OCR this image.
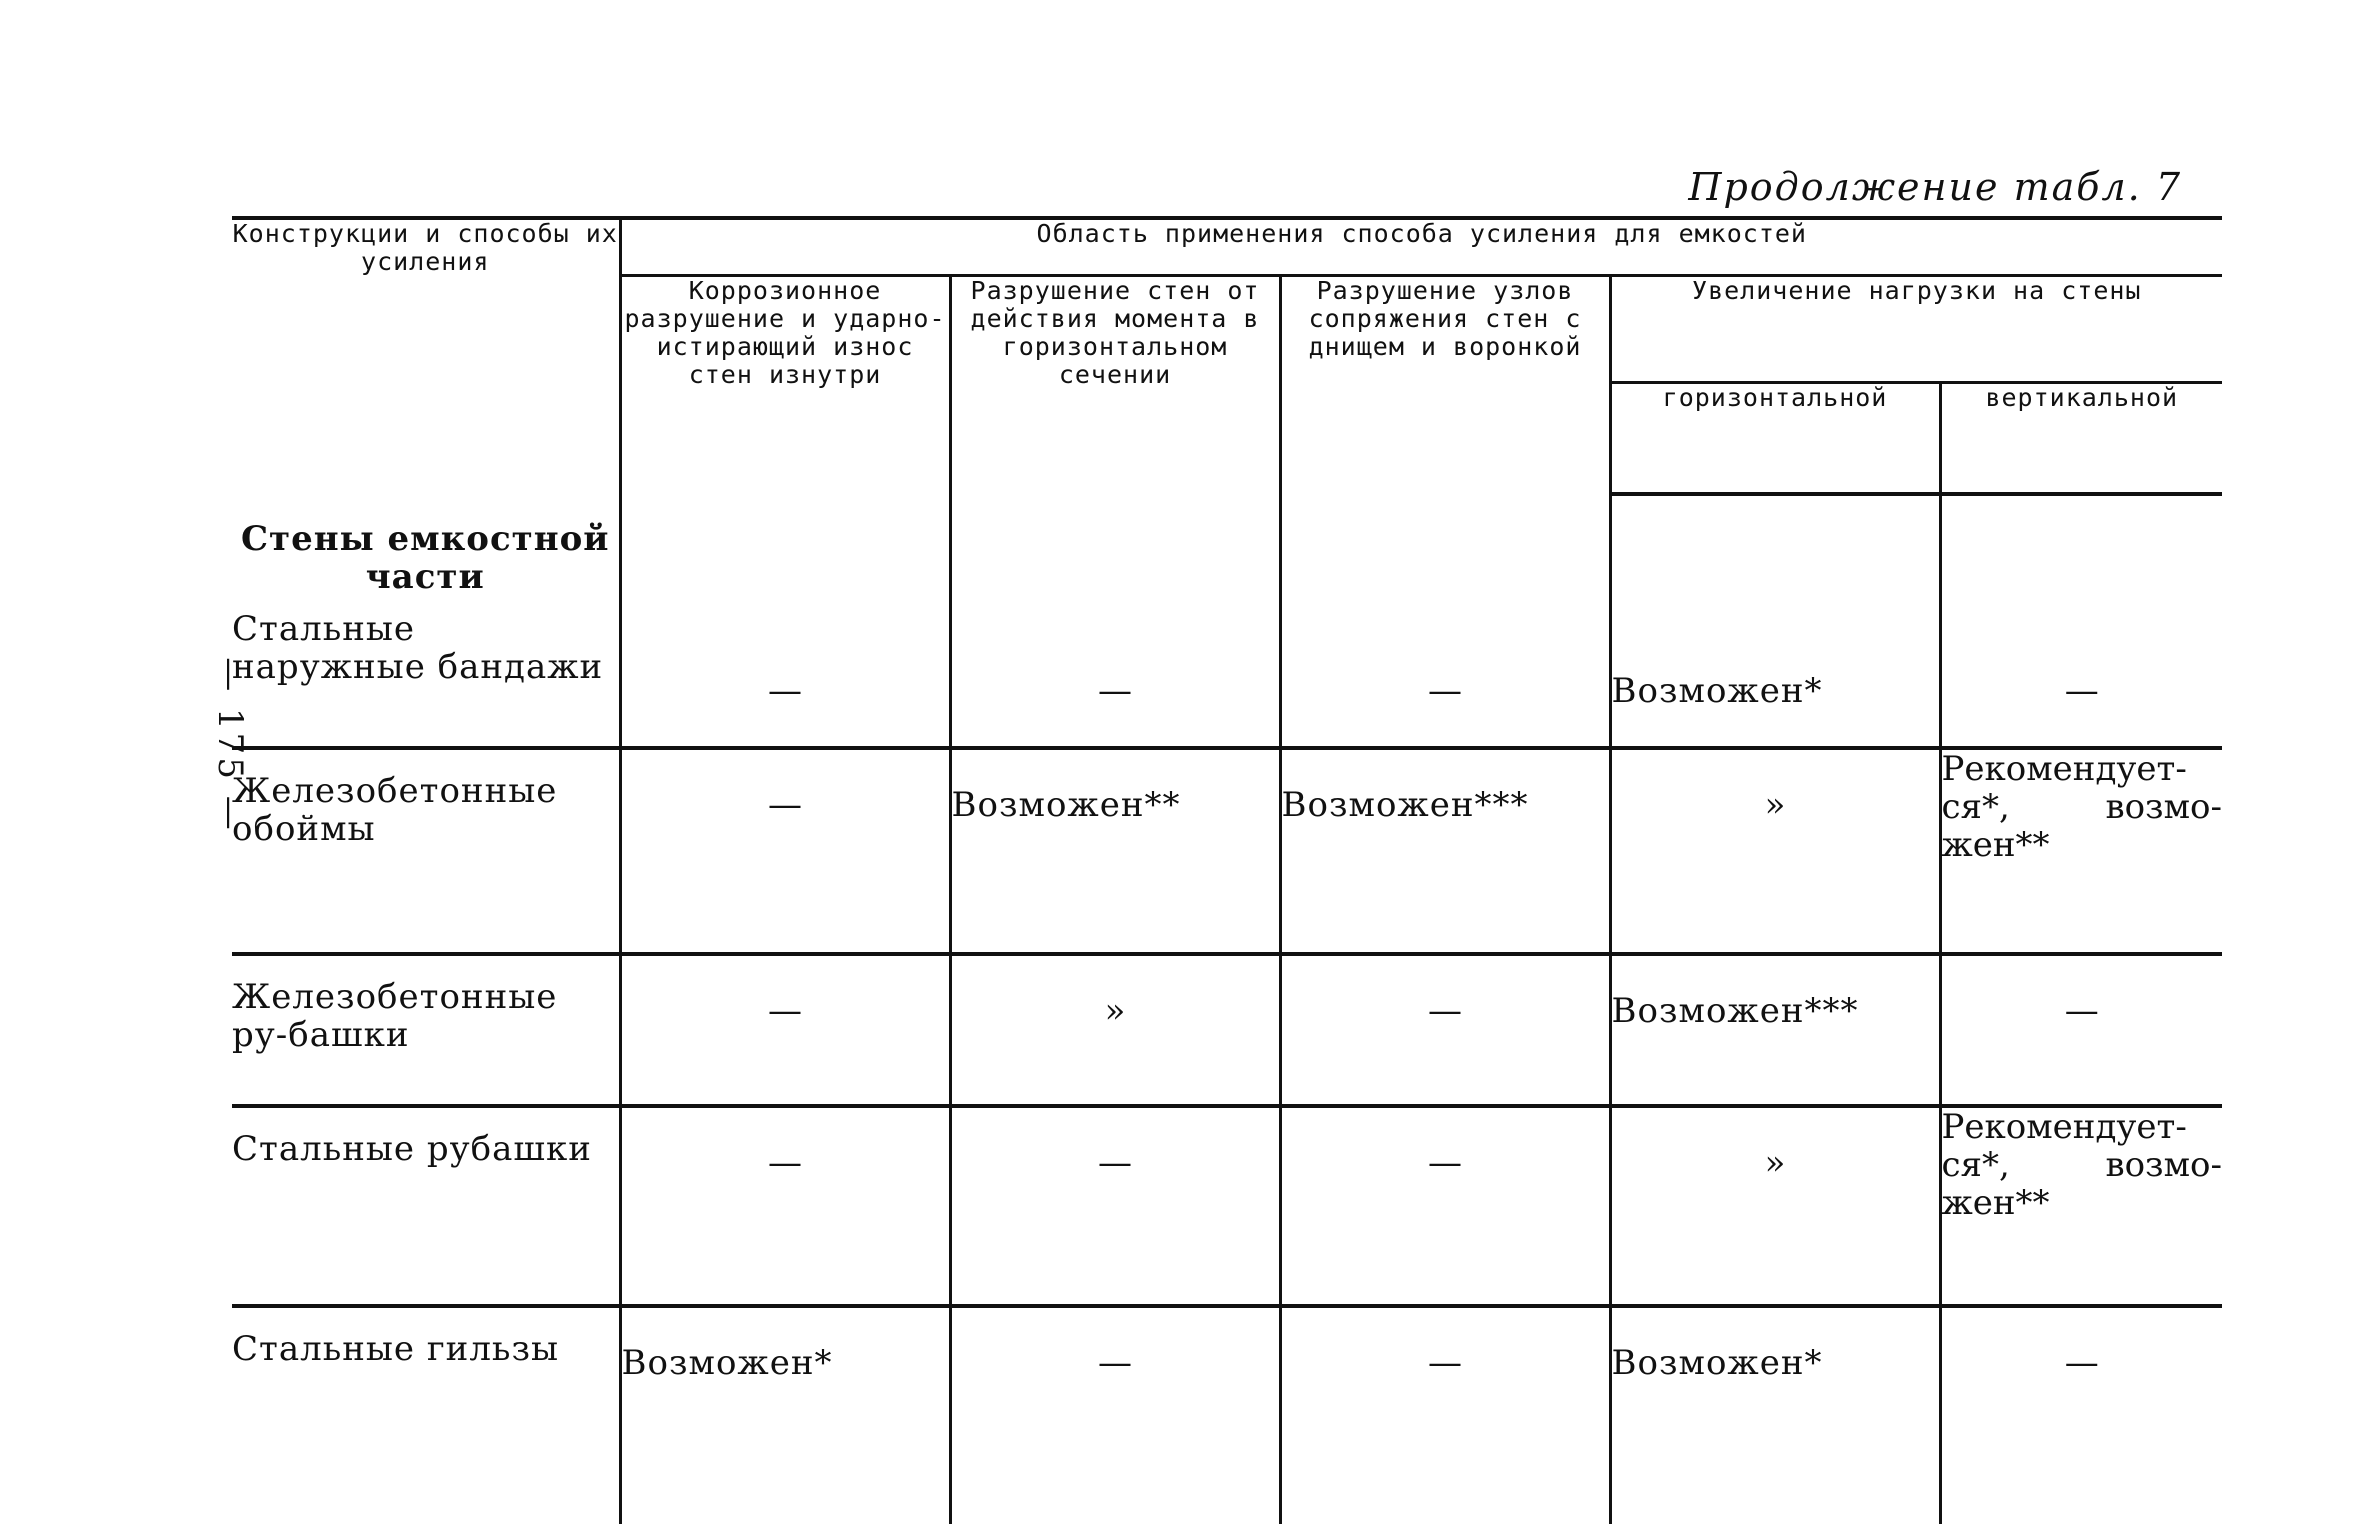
Продолжение табл. 7
— 175 —
Конструкции и способы их усиления	Область применения способа усиления для емкостей				
	Коррозионное разрушение и ударно-истирающий износ стен изнутри	Разрушение стен от действия момента в горизонтальном сечении	Разрушение узлов сопряжения стен с днищем и воронкой	Увеличение нагрузки на стены	
				горизонтальной	вертикальной

Стены емкостной части
Стальные наружные бандажи	—	—	—	Возможен*	—
Железобетонные обоймы	—	Возможен**	Возможен***	»	Рекомендует-ся*, возмо-жен**
Железобетонные ру-башки	—	»	—	Возможен***	—
Стальные рубашки	—	—	—	»	Рекомендует-ся*, возмо-жен**
Стальные гильзы	Возможен*	—	—	Возможен*	—
